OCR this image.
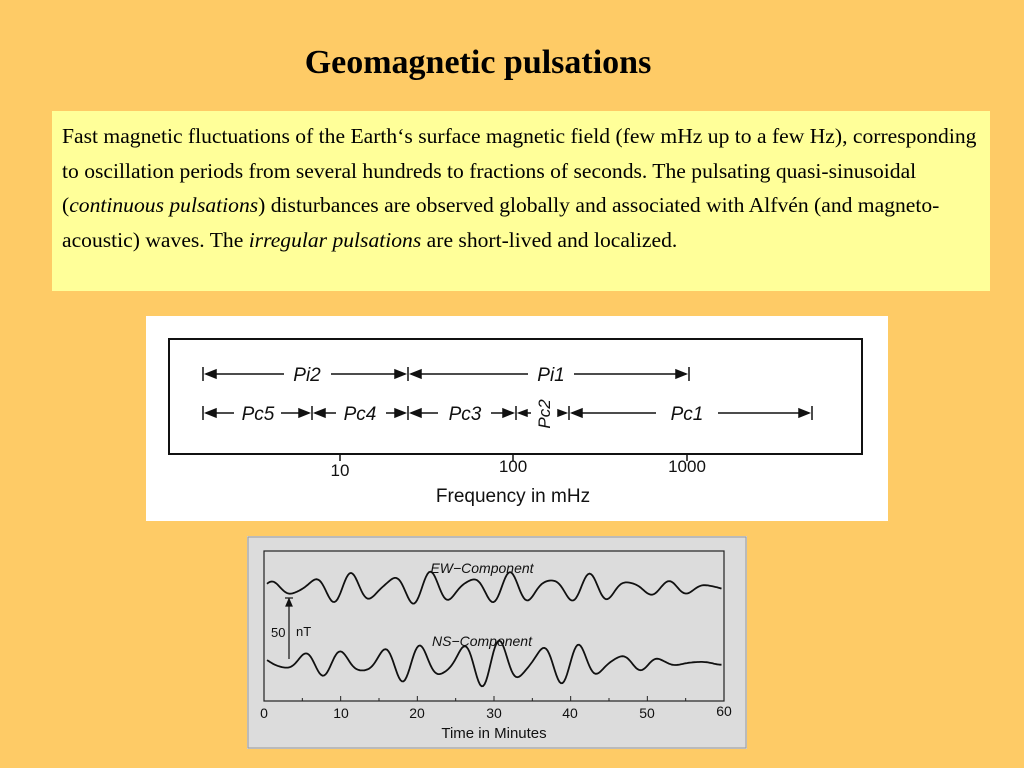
Geomagnetic pulsations
Fast magnetic fluctuations of the Earth‘s surface magnetic field (few mHz up to a few Hz), corresponding to oscillation periods from several hundreds to fractions of seconds. The pulsating quasi-sinusoidal (continuous pulsations) disturbances are observed globally and associated with Alfvén (and magneto-acoustic) waves. The irregular pulsations are short-lived and localized.
Pi2	Pi1
Pc5	Pc4	Pc3	Pc2	Pc1
10	100	1000
Frequency in mHz
EW−Component
NS−Component
50 nT
0	10	20	30	40	50	60
Time in Minutes
